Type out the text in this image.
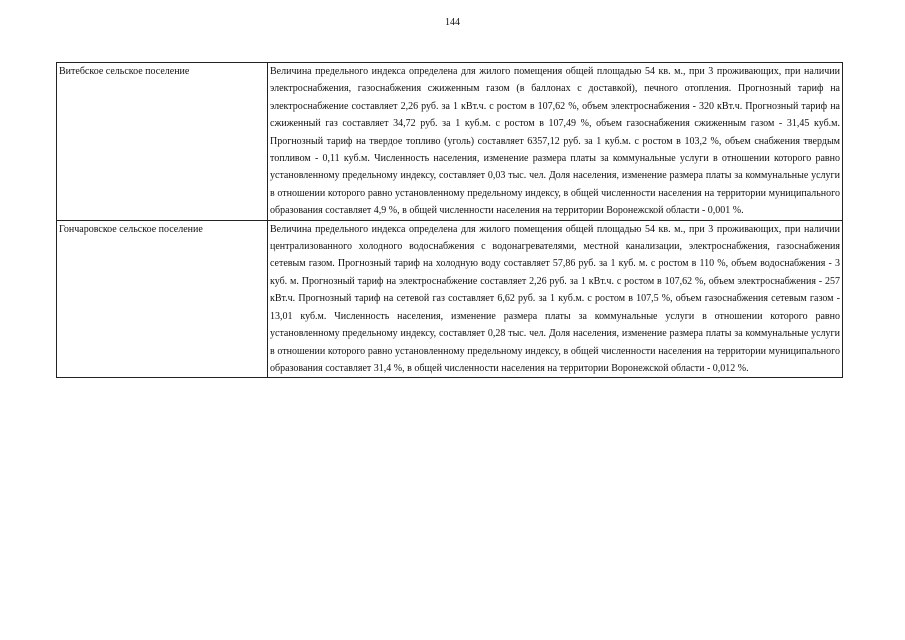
144
Витебское сельское поселение	Величина предельного индекса определена для жилого помещения общей площадью 54 кв. м., при 3 проживающих, при наличии электроснабжения, газоснабжения сжиженным газом (в баллонах с доставкой), печного отопления. Прогнозный тариф на электроснабжение составляет 2,26 руб. за 1 кВт.ч. с ростом в 107,62 %, объем электроснабжения - 320 кВт.ч. Прогнозный тариф на сжиженный газ составляет 34,72 руб. за 1 куб.м. с ростом в 107,49 %, объем газоснабжения сжиженным газом - 31,45 куб.м. Прогнозный тариф на твердое топливо (уголь) составляет 6357,12 руб. за 1 куб.м. с ростом в 103,2 %, объем снабжения твердым топливом - 0,11 куб.м. Численность населения, изменение размера платы за коммунальные услуги в отношении которого равно установленному предельному индексу, составляет 0,03 тыс. чел. Доля населения, изменение размера платы за коммунальные услуги в отношении которого равно установленному предельному индексу, в общей численности населения на территории муниципального образования составляет 4,9 %, в общей численности населения на территории Воронежской области - 0,001 %.
Гончаровское сельское поселение	Величина предельного индекса определена для жилого помещения общей площадью 54 кв. м., при 3 проживающих, при наличии централизованного холодного водоснабжения с водонагревателями, местной канализации, электроснабжения, газоснабжения сетевым газом. Прогнозный тариф на холодную воду составляет 57,86 руб. за 1 куб. м. с ростом в 110 %, объем водоснабжения - 3 куб. м. Прогнозный тариф на электроснабжение составляет 2,26 руб. за 1 кВт.ч. с ростом в 107,62 %, объем электроснабжения - 257 кВт.ч. Прогнозный тариф на сетевой газ составляет 6,62 руб. за 1 куб.м. с ростом в 107,5 %, объем газоснабжения сетевым газом - 13,01 куб.м. Численность населения, изменение размера платы за коммунальные услуги в отношении которого равно установленному предельному индексу, составляет 0,28 тыс. чел. Доля населения, изменение размера платы за коммунальные услуги в отношении которого равно установленному предельному индексу, в общей численности населения на территории муниципального образования составляет 31,4 %, в общей численности населения на территории Воронежской области - 0,012 %.
